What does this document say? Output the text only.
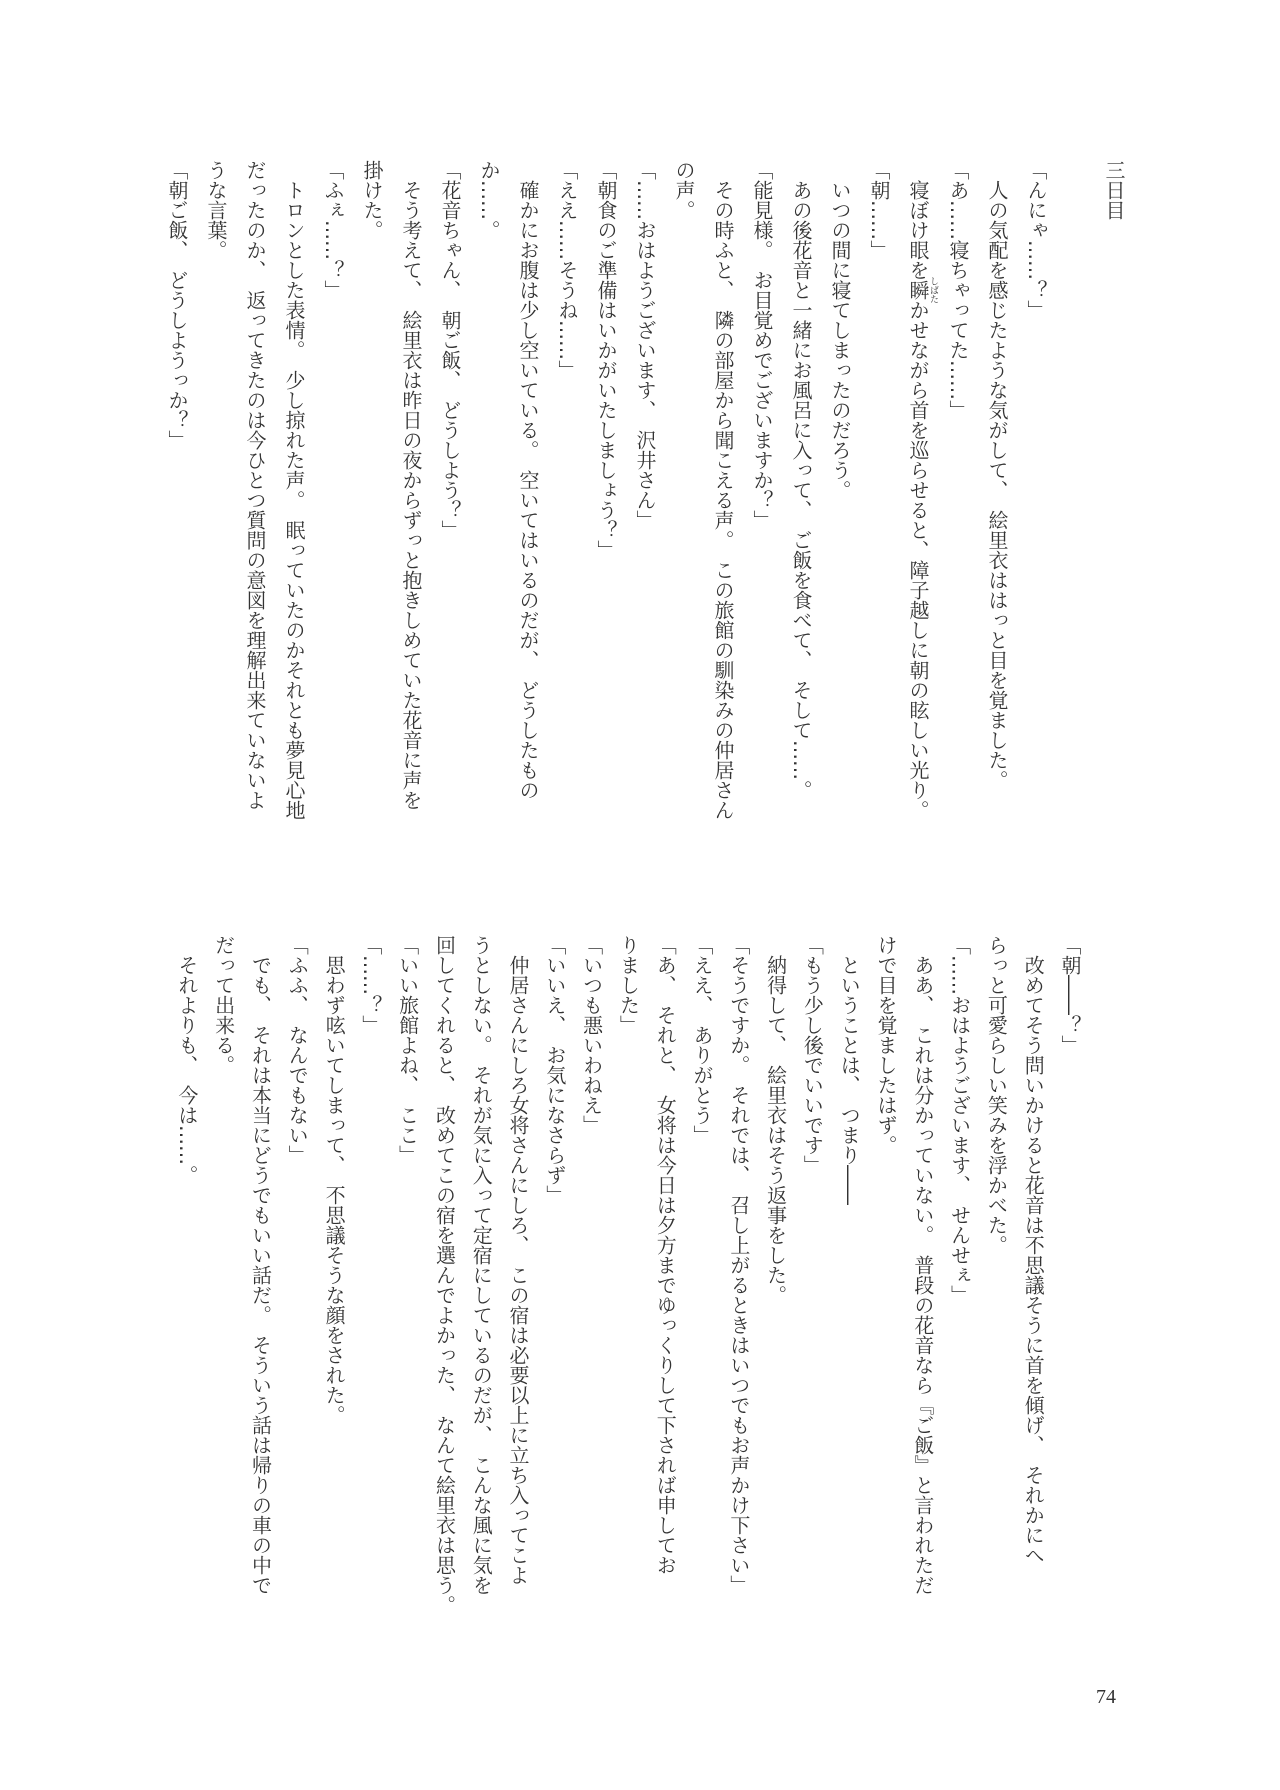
三日目

「んにゃ……？」
　人の気配を感じたような気がして、　絵里衣ははっと目を覚ました。
「あ……寝ちゃってた……」
　寝ぼけ眼を瞬しばたかせながら首を巡らせると、障子越しに朝の眩しい光り。
「朝……」
　いつの間に寝てしまったのだろう。
　あの後花音と一緒にお風呂に入って、　ご飯を食べて、　そして……。
「能見様。　お目覚めでございますか？」
　その時ふと、　隣の部屋から聞こえる声。　この旅館の馴染みの仲居さん
の声。
「……おはようございます、　沢井さん」
「朝食のご準備はいかがいたしましょう？」
「ええ……そうね……」
　確かにお腹は少し空いている。　空いてはいるのだが、　どうしたもの
か……。
「花音ちゃん、　朝ご飯、　どうしよう？」
　そう考えて、　絵里衣は昨日の夜からずっと抱きしめていた花音に声を
掛けた。
「ふぇ……？」
　トロンとした表情。　少し掠れた声。　眠っていたのかそれとも夢見心地
だったのか、　返ってきたのは今ひとつ質問の意図を理解出来ていないよ
うな言葉。
「朝ご飯、　どうしようっか？」
「朝――？」
　改めてそう問いかけると花音は不思議そうに首を傾げ、　それかにへ
らっと可愛らしい笑みを浮かべた。
「……おはようございます、　せんせぇ」
　ああ、　これは分かっていない。　普段の花音なら『ご飯』と言われただ
けで目を覚ましたはず。
　ということは、　つまり――
「もう少し後でいいです」
　納得して、　絵里衣はそう返事をした。
「そうですか。　それでは、　召し上がるときはいつでもお声かけ下さい」
「ええ、　ありがとう」
「あ、　それと、　女将は今日は夕方までゆっくりして下されば申してお
りました」
「いつも悪いわねえ」
「いいえ、　お気になさらず」
　仲居さんにしろ女将さんにしろ、　この宿は必要以上に立ち入ってこよ
うとしない。　それが気に入って定宿にしているのだが、　こんな風に気を
回してくれると、　改めてこの宿を選んでよかった、　なんて絵里衣は思う。
「いい旅館よね、　ここ」
「……？」
　思わず呟いてしまって、　不思議そうな顔をされた。
「ふふ、　なんでもない」
　でも、　それは本当にどうでもいい話だ。　そういう話は帰りの車の中で
だって出来る。
　それよりも、　今は……。
74
